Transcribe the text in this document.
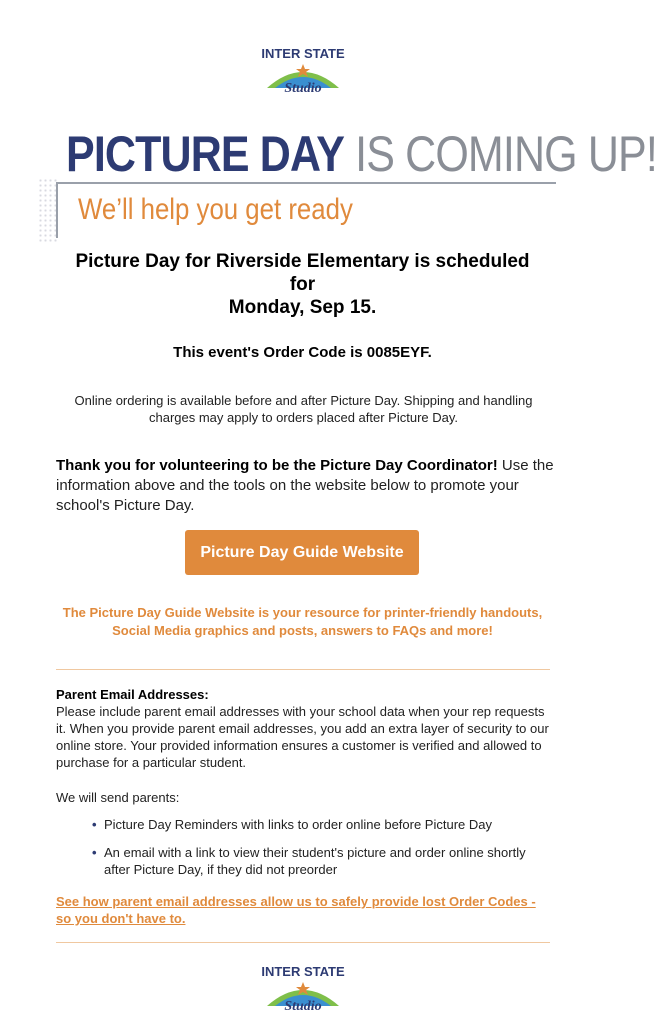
INTER STATE
Studio
PICTURE DAY IS COMING UP!
We’ll help you get ready
Picture Day for Riverside Elementary is scheduled
for
Monday, Sep 15.
This event's Order Code is 0085EYF.
Online ordering is available before and after Picture Day. Shipping and handling charges may apply to orders placed after Picture Day.
Thank you for volunteering to be the Picture Day Coordinator! Use the information above and the tools on the website below to promote your school's Picture Day.
Picture Day Guide Website
The Picture Day Guide Website is your resource for printer-friendly handouts, Social Media graphics and posts, answers to FAQs and more!
Parent Email Addresses:
Please include parent email addresses with your school data when your rep requests it. When you provide parent email addresses, you add an extra layer of security to our online store. Your provided information ensures a customer is verified and allowed to purchase for a particular student.
We will send parents:
• Picture Day Reminders with links to order online before Picture Day
• An email with a link to view their student's picture and order online shortly after Picture Day, if they did not preorder
See how parent email addresses allow us to safely provide lost Order Codes - so you don't have to.
INTER STATE
Studio
